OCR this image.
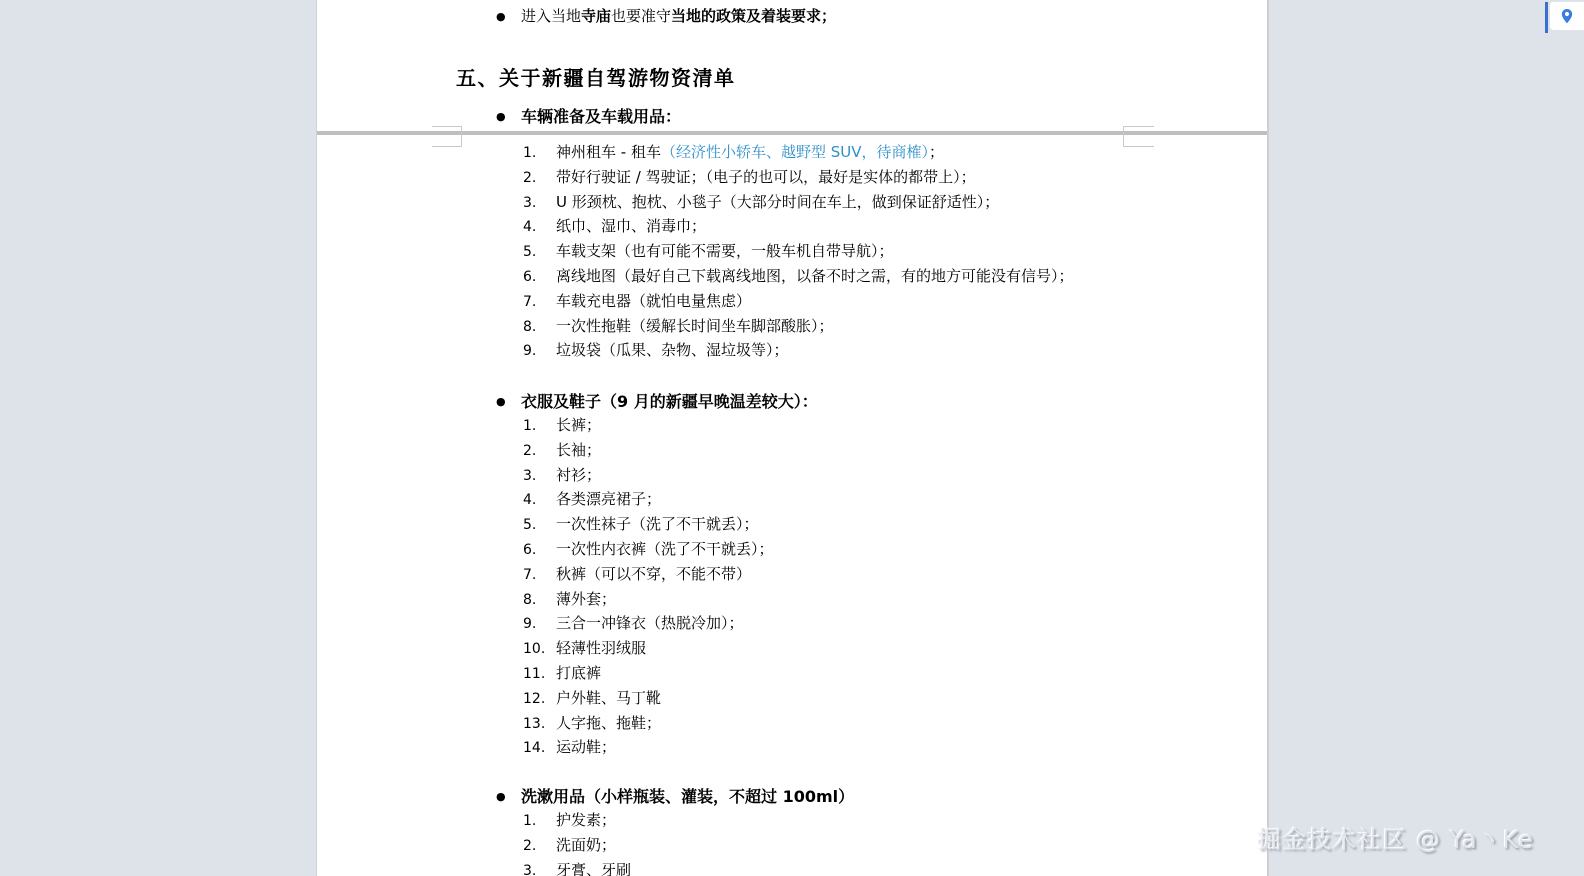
●	进入当地寺庙也要准守当地的政策及着装要求；
五、关于新疆自驾游物资清单
● 车辆准备及车载用品：
1.	神州租车 - 租车（经济性小轿车、越野型 SUV，待商榷）；
2.	带好行驶证 / 驾驶证；（电子的也可以，最好是实体的都带上）；
3.	U 形颈枕、抱枕、小毯子（大部分时间在车上，做到保证舒适性）；
4.	纸巾、湿巾、消毒巾；
5.	车载支架（也有可能不需要，一般车机自带导航）；
6.	离线地图（最好自己下载离线地图，以备不时之需，有的地方可能没有信号）；
7.	车载充电器（就怕电量焦虑）
8.	一次性拖鞋（缓解长时间坐车脚部酸胀）；
9.	垃圾袋（瓜果、杂物、湿垃圾等）；
● 衣服及鞋子（9 月的新疆早晚温差较大）：
1.	长裤；
2.	长袖；
3.	衬衫；
4.	各类漂亮裙子；
5.	一次性袜子（洗了不干就丢）；
6.	一次性内衣裤（洗了不干就丢）；
7.	秋裤（可以不穿，不能不带）
8.	薄外套；
9.	三合一冲锋衣（热脱冷加）；
10. 轻薄性羽绒服
11. 打底裤
12. 户外鞋、马丁靴
13. 人字拖、拖鞋；
14. 运动鞋；
● 洗漱用品（小样瓶装、灌装，不超过 100ml）
1.	护发素；
2.	洗面奶；
3.	牙膏、牙刷
掘金技术社区 @ Ya丶Ke
